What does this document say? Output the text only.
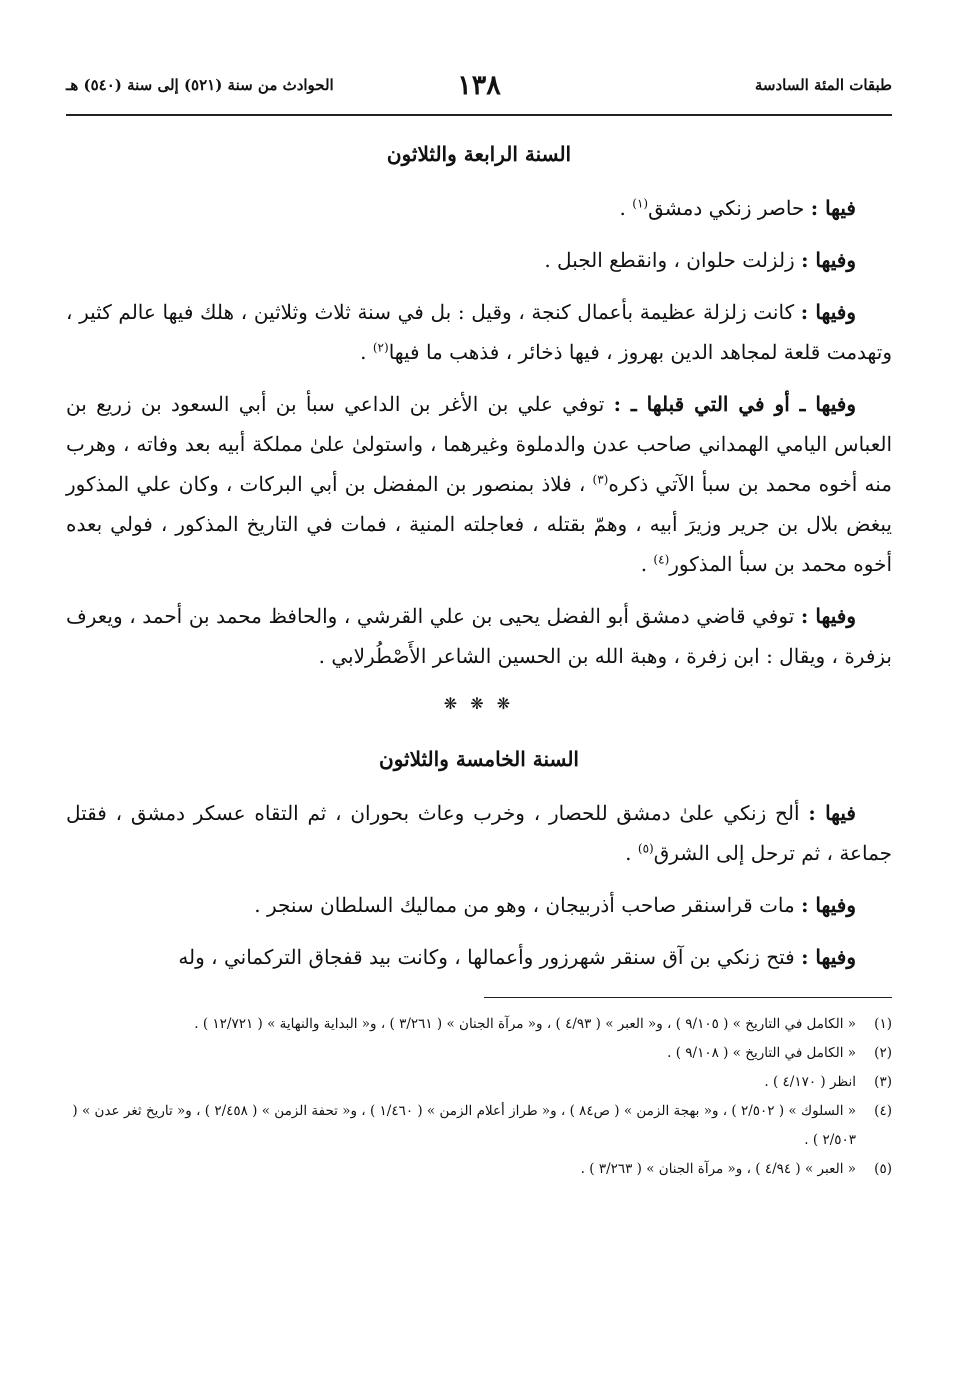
طبقات المئة السادسة
١٣٨
الحوادث من سنة (٥٢١) إلى سنة (٥٤٠) هـ
السنة الرابعة والثلاثون

فيها : حاصر زنكي دمشق$^{(١)}$ .

وفيها : زلزلت حلوان ، وانقطع الجبل .

وفيها : كانت زلزلة عظيمة بأعمال كنجة ، وقيل : بل في سنة ثلاث وثلاثين ، هلك فيها عالم كثير ، وتهدمت قلعة لمجاهد الدين بهروز ، فيها ذخائر ، فذهب ما فيها$^{(٢)}$ .

وفيها ـ أو في التي قبلها ـ : توفي علي بن الأغر بن الداعي سبأ بن أبي السعود بن زريع بن العباس اليامي الهمداني صاحب عدن والدملوة وغيرهما ، واستولىٰ علىٰ مملكة أبيه بعد وفاته ، وهرب منه أخوه محمد بن سبأ الآتي ذكره$^{(٣)}$ ، فلاذ بمنصور بن المفضل بن أبي البركات ، وكان علي المذكور يبغض بلال بن جرير وزيرَ أبيه ، وهمّ بقتله ، فعاجلته المنية ، فمات في التاريخ المذكور ، فولي بعده أخوه محمد بن سبأ المذكور$^{(٤)}$ .

وفيها : توفي قاضي دمشق أبو الفضل يحيى بن علي القرشي ، والحافظ محمد بن أحمد ، ويعرف بزفرة ، ويقال : ابن زفرة ، وهبة الله بن الحسين الشاعر الأَصْطُرلابي .

❋ ❋ ❋
السنة الخامسة والثلاثون

فيها : ألح زنكي علىٰ دمشق للحصار ، وخرب وعاث بحوران ، ثم التقاه عسكر دمشق ، فقتل جماعة ، ثم ترحل إلى الشرق$^{(٥)}$ .

وفيها : مات قراسنقر صاحب أذربيجان ، وهو من مماليك السلطان سنجر .

وفيها : فتح زنكي بن آق سنقر شهرزور وأعمالها ، وكانت بيد قفجاق التركماني ، وله

(١)
« الكامل في التاريخ » ( ٩/١٠٥ ) ، و« العبر » ( ٤/٩٣ ) ، و« مرآة الجنان » ( ٣/٢٦١ ) ، و« البداية والنهاية » ( ١٢/٧٢١ ) .
(٢)
« الكامل في التاريخ » ( ٩/١٠٨ ) .
(٣)
انظر ( ٤/١٧٠ ) .
(٤)
« السلوك » ( ٢/٥٠٢ ) ، و« بهجة الزمن » ( ص٨٤ ) ، و« طراز أعلام الزمن » ( ١/٤٦٠ ) ، و« تحفة الزمن » ( ٢/٤٥٨ ) ، و« تاريخ ثغر عدن » ( ٢/٥٠٣ ) .
(٥)
« العبر » ( ٤/٩٤ ) ، و« مرآة الجنان » ( ٣/٢٦٣ ) .
